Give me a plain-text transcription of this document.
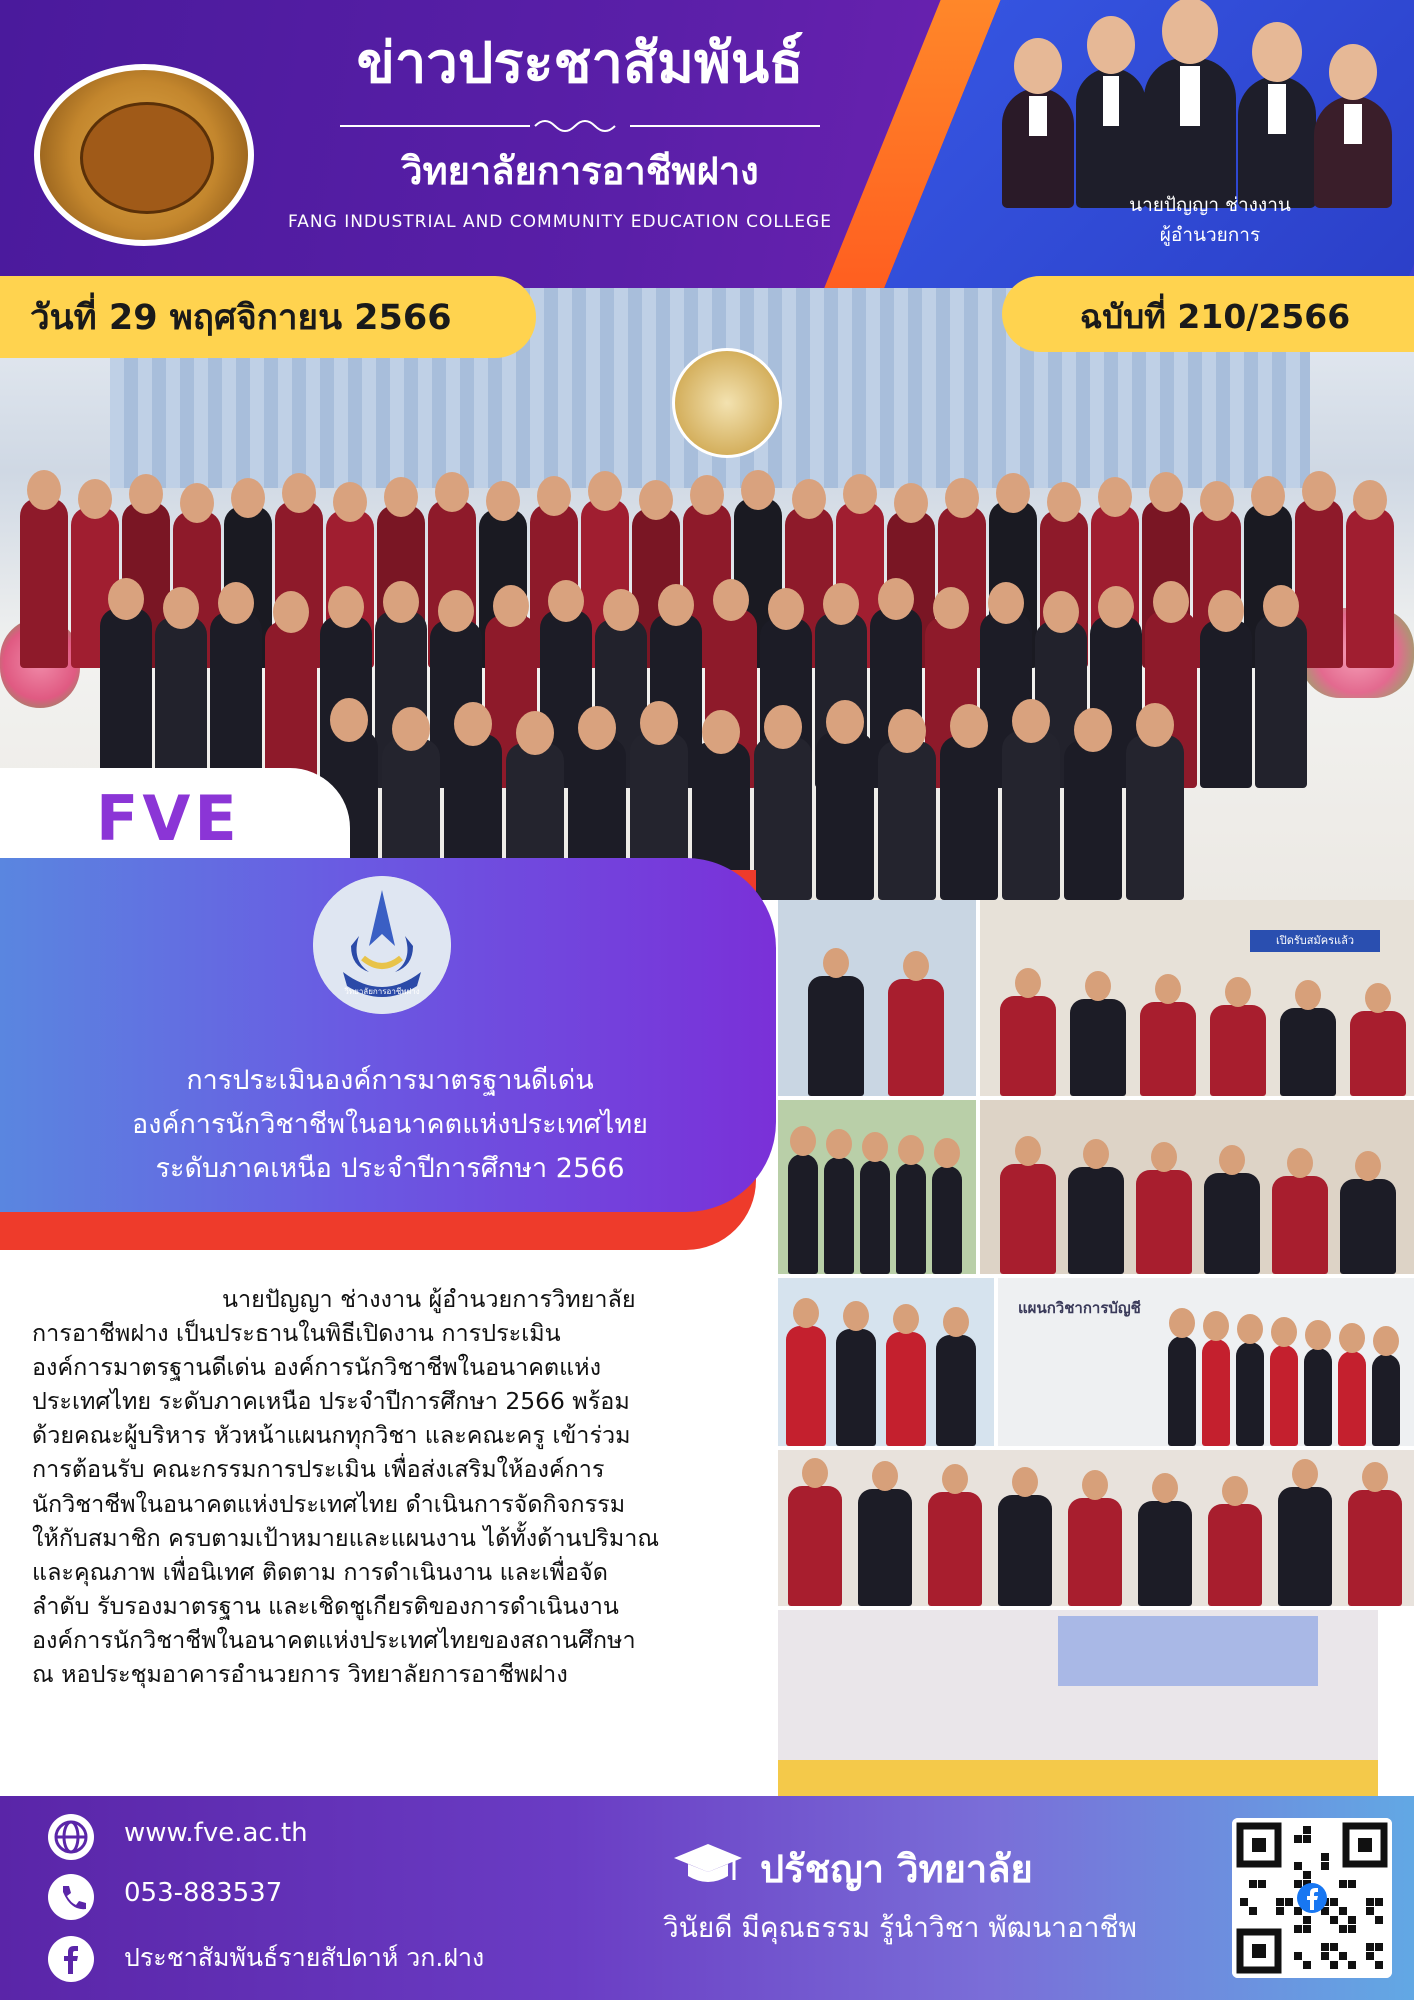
ข่าวประชาสัมพันธ์
วิทยาลัยการอาชีพฝาง
FANG INDUSTRIAL AND COMMUNITY EDUCATION COLLEGE
นายปัญญา ช่างงาน
ผู้อำนวยการ
วันที่ 29 พฤศจิกายน 2566	ฉบับที่ 210/2566
FVE
วิทยาลัยการอาชีพฝาง
การประเมินองค์การมาตรฐานดีเด่น
องค์การนักวิชาชีพในอนาคตแห่งประเทศไทย
ระดับภาคเหนือ ประจำปีการศึกษา 2566
นายปัญญา ช่างงาน ผู้อำนวยการวิทยาลัย
การอาชีพฝาง เป็นประธานในพิธีเปิดงาน การประเมิน
องค์การมาตรฐานดีเด่น องค์การนักวิชาชีพในอนาคตแห่ง
ประเทศไทย ระดับภาคเหนือ ประจำปีการศึกษา 2566 พร้อม
ด้วยคณะผู้บริหาร หัวหน้าแผนกทุกวิชา และคณะครู เข้าร่วม
การต้อนรับ คณะกรรมการประเมิน เพื่อส่งเสริมให้องค์การ
นักวิชาชีพในอนาคตแห่งประเทศไทย ดำเนินการจัดกิจกรรม
ให้กับสมาชิก ครบตามเป้าหมายและแผนงาน ได้ทั้งด้านปริมาณ
และคุณภาพ เพื่อนิเทศ ติดตาม การดำเนินงาน และเพื่อจัด
ลำดับ รับรองมาตรฐาน และเชิดชูเกียรติของการดำเนินงาน
องค์การนักวิชาชีพในอนาคตแห่งประเทศไทยของสถานศึกษา
ณ หอประชุมอาคารอำนวยการ วิทยาลัยการอาชีพฝาง
เปิดรับสมัครแล้ว
แผนกวิชาการบัญชี
www.fve.ac.th
053-883537
ประชาสัมพันธ์รายสัปดาห์ วก.ฝาง
ปรัชญา วิทยาลัย
วินัยดี มีคุณธรรม รู้นำวิชา พัฒนาอาชีพ
